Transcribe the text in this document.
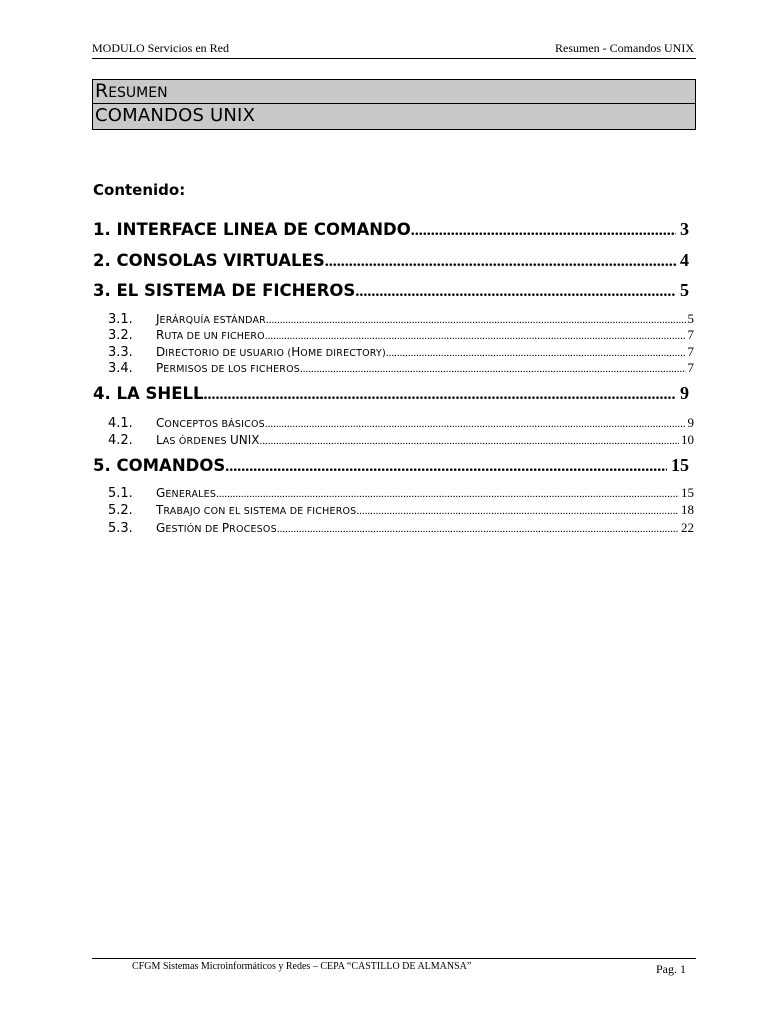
MODULO Servicios en Red	Resumen - Comandos UNIX
RESUMEN
COMANDOS UNIX
Contenido:
1. INTERFACE LINEA DE COMANDO .....	3
2. CONSOLAS VIRTUALES .....	4
3. EL SISTEMA DE FICHEROS .....	5
3.1.	JERÁRQUÍA ESTÁNDAR .....	5
3.2.	RUTA DE UN FICHERO .....	7
3.3.	DIRECTORIO DE USUARIO (HOME DIRECTORY) .....	7
3.4.	PERMISOS DE LOS FICHEROS .....	7
4. LA SHELL .....	9
4.1.	CONCEPTOS BÁSICOS .....	9
4.2.	LAS ÓRDENES UNIX .....	10
5. COMANDOS .....	15
5.1.	GENERALES .....	15
5.2.	TRABAJO CON EL SISTEMA DE FICHEROS .....	18
5.3.	GESTIÓN DE PROCESOS .....	22
CFGM Sistemas Microinformáticos y Redes – CEPA “CASTILLO DE ALMANSA”	Pag. 1
